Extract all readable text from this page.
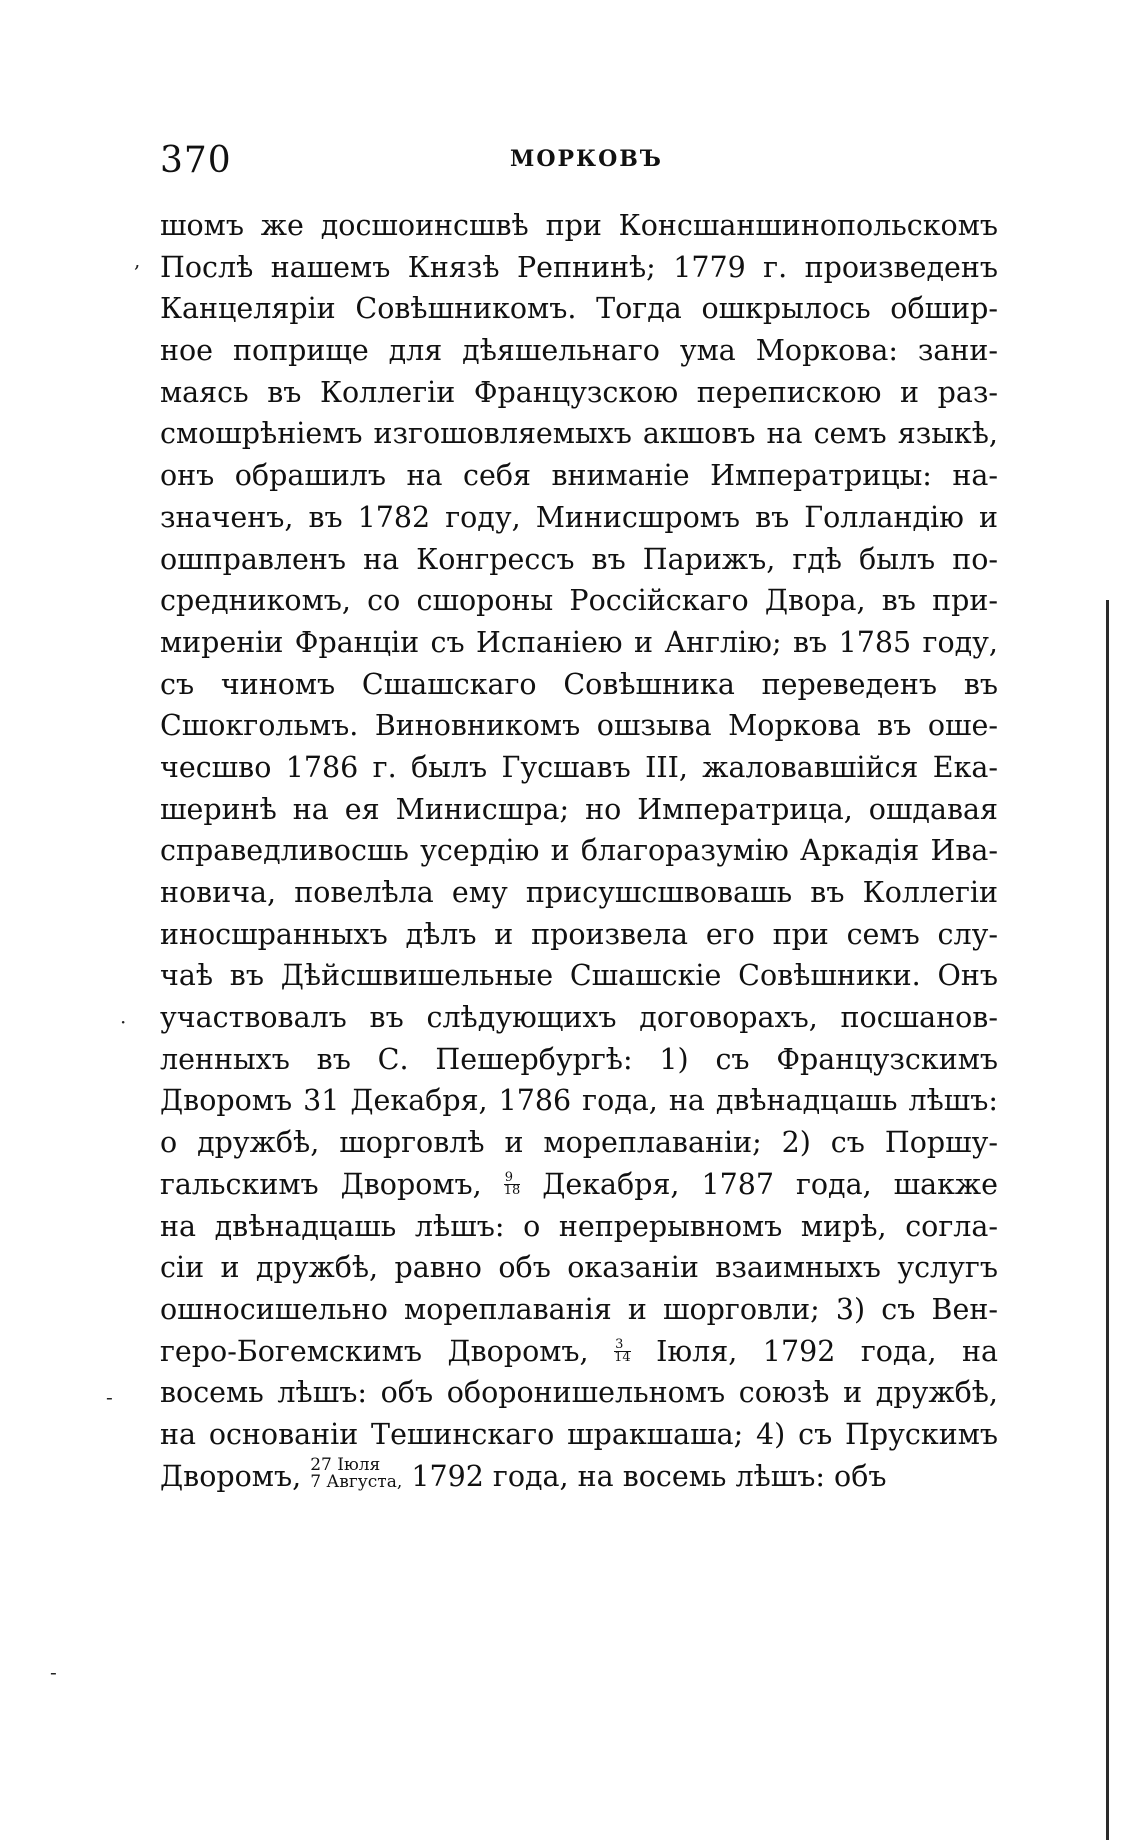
370	МОРКОВЪ
шомъ же досшоинсшвѣ при Консшаншинопольскомъ
Послѣ нашемъ Князѣ Репнинѣ; 1779 г. произведенъ
Канцеляріи Совѣшникомъ. Тогда ошкрылось обшир-
ное поприще для дѣяшельнаго ума Моркова: зани-
маясь въ Коллегіи Французскою перепискою и раз-
смошрѣніемъ изгошовляемыхъ акшовъ на семъ языкѣ,
онъ обрашилъ на себя вниманіе Императрицы: на-
значенъ, въ 1782 году, Минисшромъ въ Голландію и
ошправленъ на Конгрессъ въ Парижъ, гдѣ былъ по-
средникомъ, со сшороны Россійскаго Двора, въ при-
миреніи Франціи съ Испаніею и Англію; въ 1785 году,
съ чиномъ Сшашскаго Совѣшника переведенъ въ
Сшокгольмъ. Виновникомъ ошзыва Моркова въ оше-
чесшво 1786 г. былъ Гусшавъ III, жаловавшійся Ека-
шеринѣ на ея Минисшра; но Императрица, ошдавая
справедливосшь усердію и благоразумію Аркадія Ива-
новича, повелѣла ему присушсшвовашь въ Коллегіи
иносшранныхъ дѣлъ и произвела его при семъ слу-
чаѣ въ Дѣйсшвишельные Сшашскіе Совѣшники. Онъ
участвовалъ въ слѣдующихъ договорахъ, посшанов-
ленныхъ въ С. Пешербургѣ: 1) съ Французскимъ
Дворомъ 31 Декабря, 1786 года, на двѣнадцашь лѣшъ:
о дружбѣ, шорговлѣ и мореплаваніи; 2) съ Поршу-
гальскимъ Дворомъ, $\frac{9}{18}$ Декабря, 1787 года, шакже
на двѣнадцашь лѣшъ: о непрерывномъ мирѣ, согла-
сіи и дружбѣ, равно объ оказаніи взаимныхъ услугъ
ошносишельно мореплаванія и шорговли; 3) съ Вен-
геро-Богемскимъ Дворомъ, $\frac{3}{14}$ Іюля, 1792 года, на
восемь лѣшъ: объ оборонишельномъ союзѣ и дружбѣ,
на основаніи Тешинскаго шракшаша; 4) съ Прускимъ
Дворомъ, 27 Іюля
7 Августа, 1792 года, на восемь лѣшъ: объ
,
·
‐
‐
